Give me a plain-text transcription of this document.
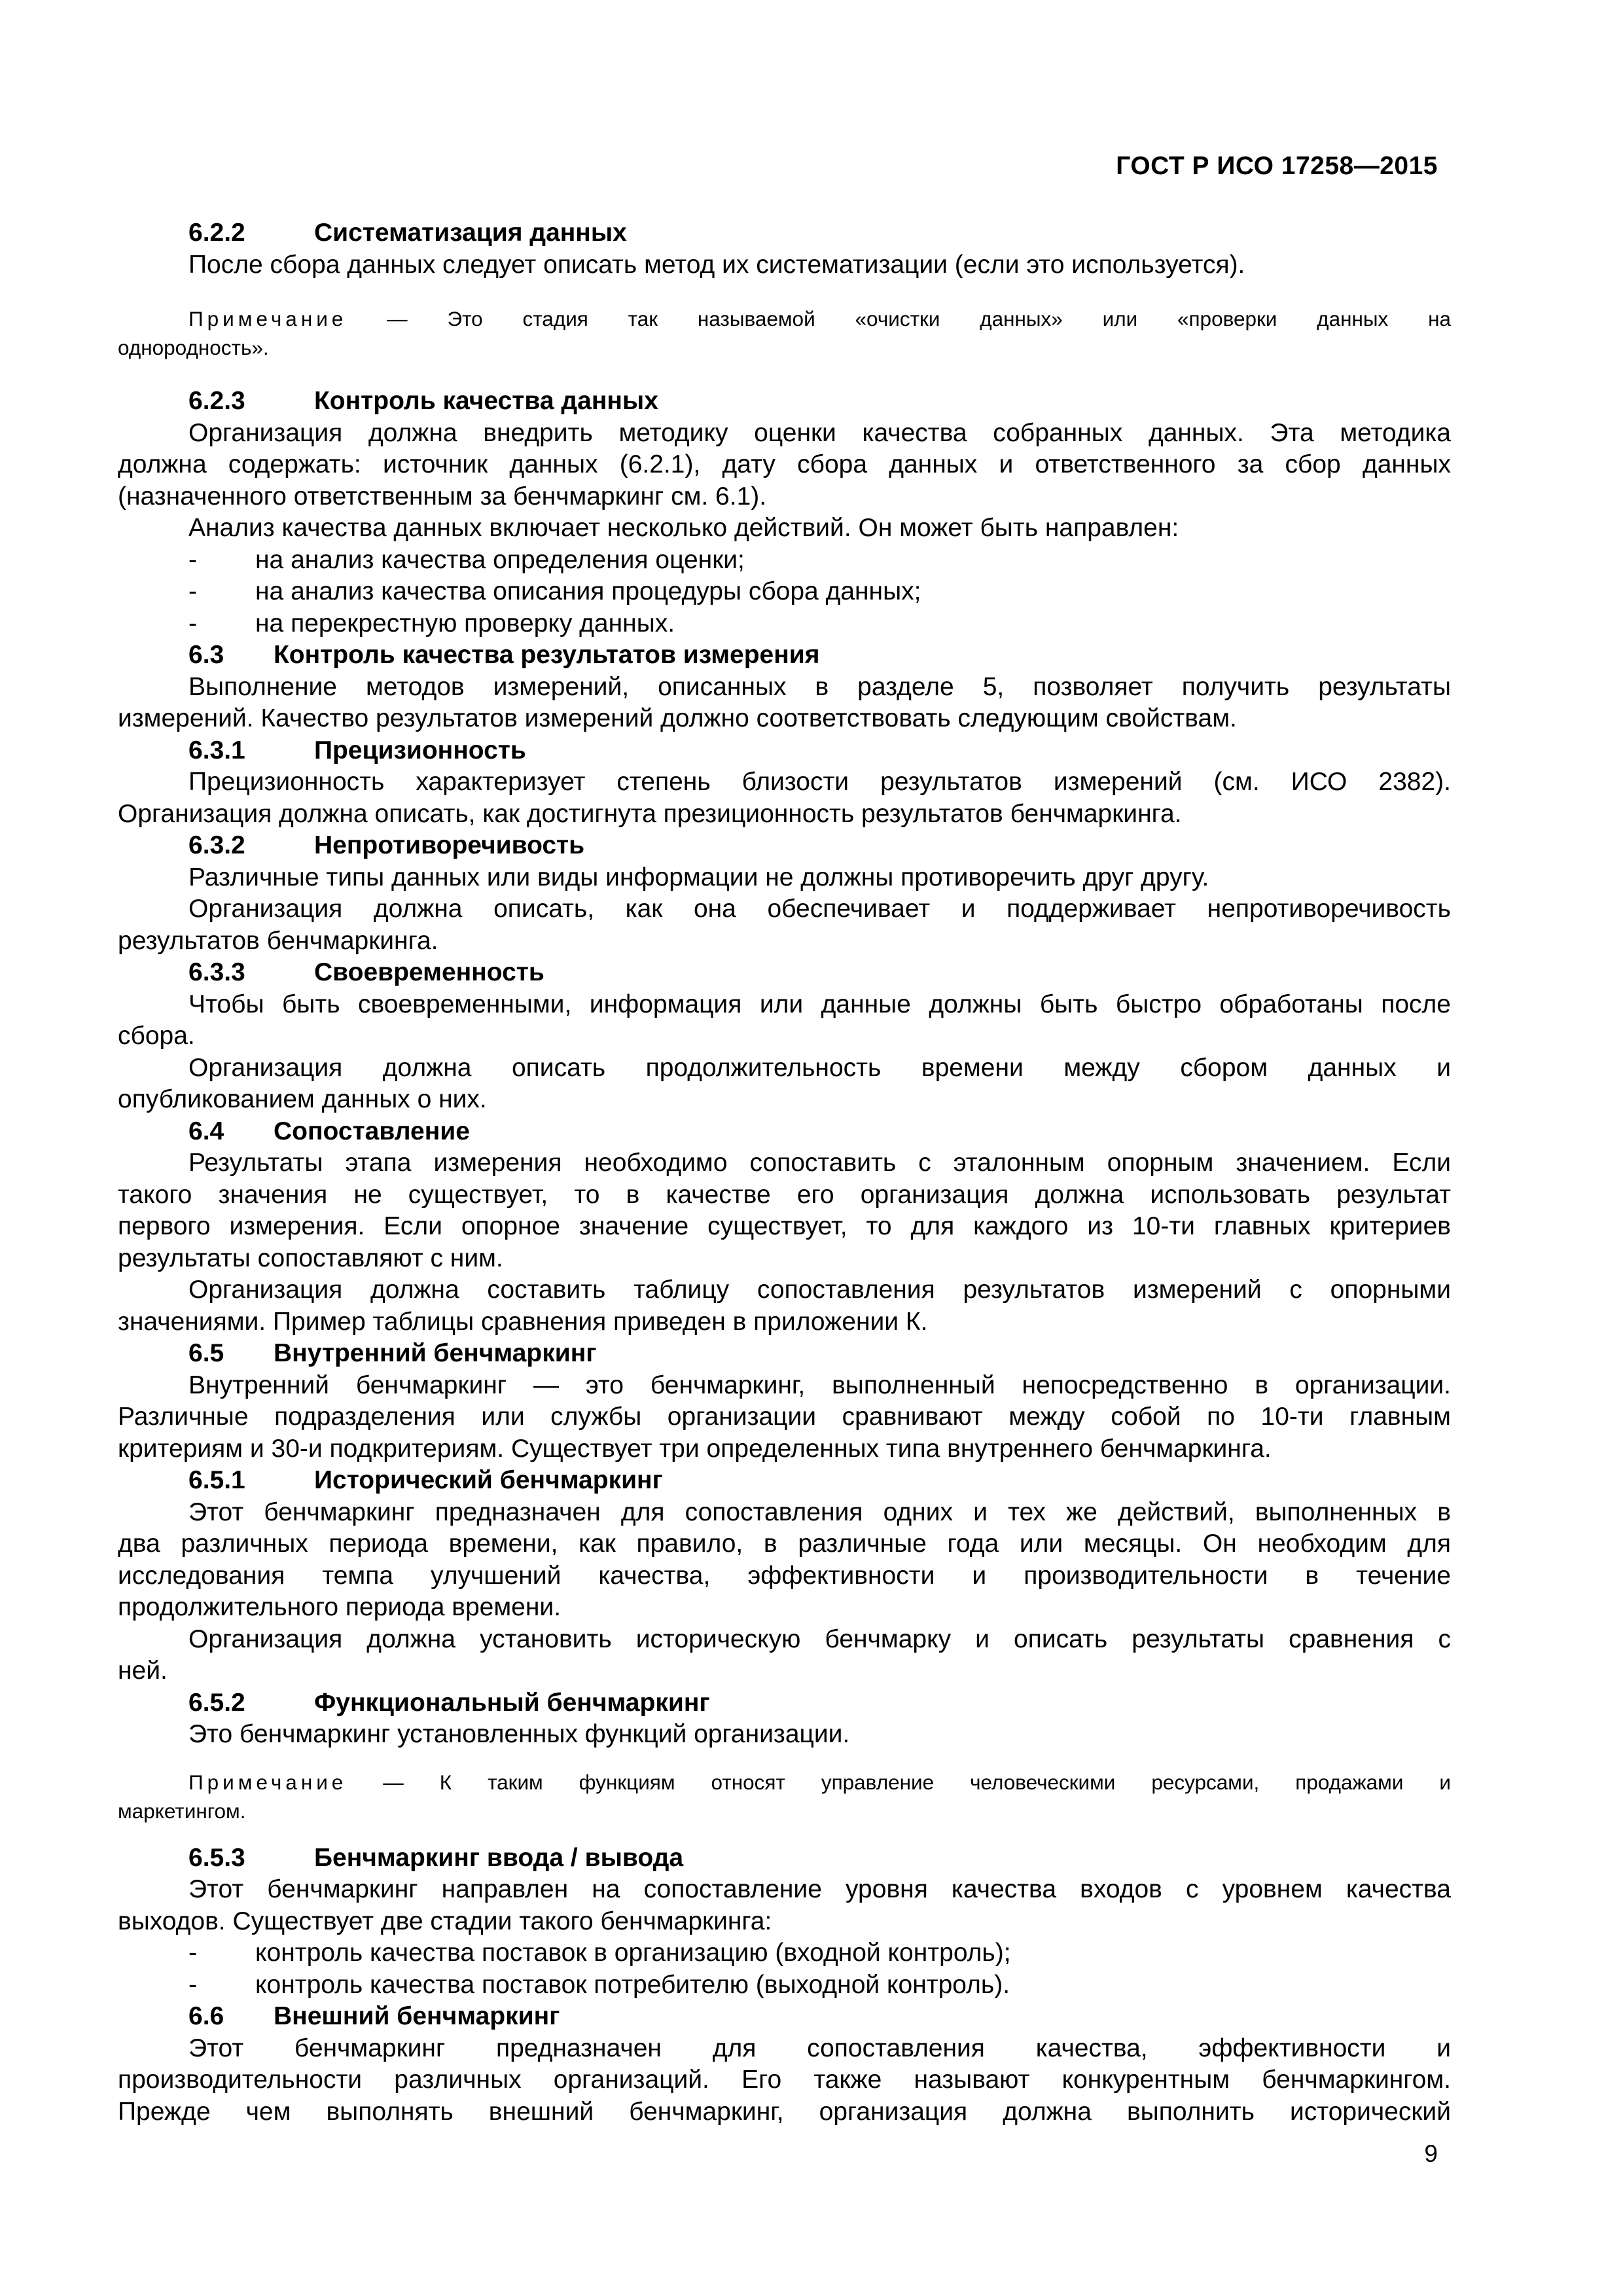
ГОСТ Р ИСО 17258—2015
6.2.2	Систематизация данных
После сбора данных следует описать метод их систематизации (если это используется).
Примечание — Это стадия так называемой «очистки данных» или «проверки данных на
однородность».
6.2.3	Контроль качества данных
Организация должна внедрить методику оценки качества собранных данных. Эта методика
должна содержать: источник данных (6.2.1), дату сбора данных и ответственного за сбор данных
(назначенного ответственным за бенчмаркинг см. 6.1).
Анализ качества данных включает несколько действий. Он может быть направлен:
- на анализ качества определения оценки;
- на анализ качества описания процедуры сбора данных;
- на перекрестную проверку данных.
6.3 Контроль качества результатов измерения
Выполнение методов измерений, описанных в разделе 5, позволяет получить результаты
измерений. Качество результатов измерений должно соответствовать следующим свойствам.
6.3.1	Прецизионность
Прецизионность характеризует степень близости результатов измерений (см. ИСО 2382).
Организация должна описать, как достигнута презиционность результатов бенчмаркинга.
6.3.2	Непротиворечивость
Различные типы данных или виды информации не должны противоречить друг другу.
Организация должна описать, как она обеспечивает и поддерживает непротиворечивость
результатов бенчмаркинга.
6.3.3	Своевременность
Чтобы быть своевременными, информация или данные должны быть быстро обработаны после
сбора.
Организация должна описать продолжительность времени между сбором данных и
опубликованием данных о них.
6.4 Сопоставление
Результаты этапа измерения необходимо сопоставить с эталонным опорным значением. Если
такого значения не существует, то в качестве его организация должна использовать результат
первого измерения. Если опорное значение существует, то для каждого из 10-ти главных критериев
результаты сопоставляют с ним.
Организация должна составить таблицу сопоставления результатов измерений с опорными
значениями. Пример таблицы сравнения приведен в приложении К.
6.5 Внутренний бенчмаркинг
Внутренний бенчмаркинг — это бенчмаркинг, выполненный непосредственно в организации.
Различные подразделения или службы организации сравнивают между собой по 10-ти главным
критериям и 30-и подкритериям. Существует три определенных типа внутреннего бенчмаркинга.
6.5.1	Исторический бенчмаркинг
Этот бенчмаркинг предназначен для сопоставления одних и тех же действий, выполненных в
два различных периода времени, как правило, в различные года или месяцы. Он необходим для
исследования темпа улучшений качества, эффективности и производительности в течение
продолжительного периода времени.
Организация должна установить историческую бенчмарку и описать результаты сравнения с
ней.
6.5.2	Функциональный бенчмаркинг
Это бенчмаркинг установленных функций организации.
Примечание — К таким функциям относят управление человеческими ресурсами, продажами и
маркетингом.
6.5.3	Бенчмаркинг ввода / вывода
Этот бенчмаркинг направлен на сопоставление уровня качества входов с уровнем качества
выходов. Существует две стадии такого бенчмаркинга:
- контроль качества поставок в организацию (входной контроль);
- контроль качества поставок потребителю (выходной контроль).
6.6 Внешний бенчмаркинг
Этот бенчмаркинг предназначен для сопоставления качества, эффективности и
производительности различных организаций. Его также называют конкурентным бенчмаркингом.
Прежде чем выполнять внешний бенчмаркинг, организация должна выполнить исторический
9
